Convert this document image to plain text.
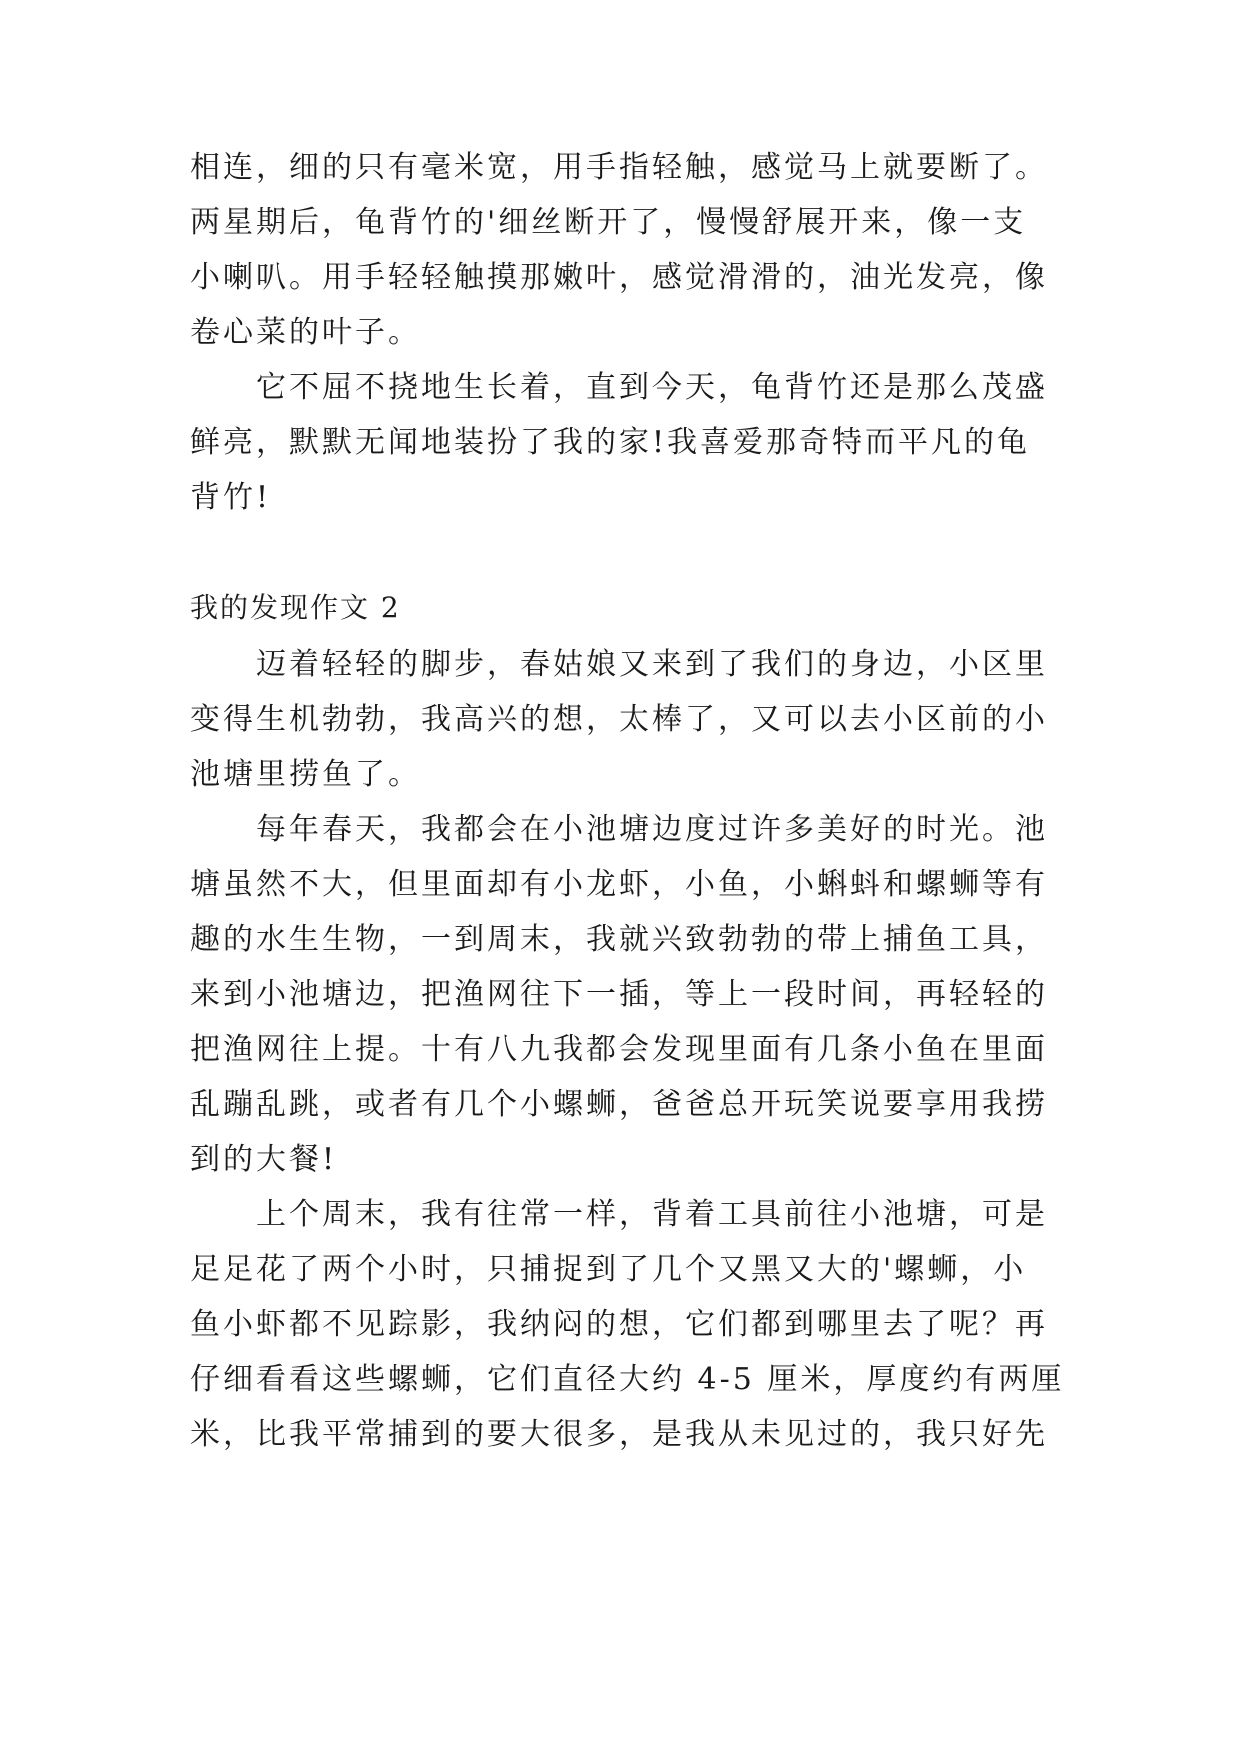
相连，细的只有毫米宽，用手指轻触，感觉马上就要断了。
两星期后，龟背竹的'细丝断开了，慢慢舒展开来，像一支
小喇叭。用手轻轻触摸那嫩叶，感觉滑滑的，油光发亮，像
卷心菜的叶子。
它不屈不挠地生长着，直到今天，龟背竹还是那么茂盛
鲜亮，默默无闻地装扮了我的家!我喜爱那奇特而平凡的龟
背竹!
我的发现作文 2
迈着轻轻的脚步，春姑娘又来到了我们的身边，小区里
变得生机勃勃，我高兴的想，太棒了，又可以去小区前的小
池塘里捞鱼了。
每年春天，我都会在小池塘边度过许多美好的时光。池
塘虽然不大，但里面却有小龙虾，小鱼，小蝌蚪和螺蛳等有
趣的水生生物，一到周末，我就兴致勃勃的带上捕鱼工具，
来到小池塘边，把渔网往下一插，等上一段时间，再轻轻的
把渔网往上提。十有八九我都会发现里面有几条小鱼在里面
乱蹦乱跳，或者有几个小螺蛳，爸爸总开玩笑说要享用我捞
到的大餐!
上个周末，我有往常一样，背着工具前往小池塘，可是
足足花了两个小时，只捕捉到了几个又黑又大的'螺蛳，小
鱼小虾都不见踪影，我纳闷的想，它们都到哪里去了呢？再
仔细看看这些螺蛳，它们直径大约 4-5 厘米，厚度约有两厘
米，比我平常捕到的要大很多，是我从未见过的，我只好先
